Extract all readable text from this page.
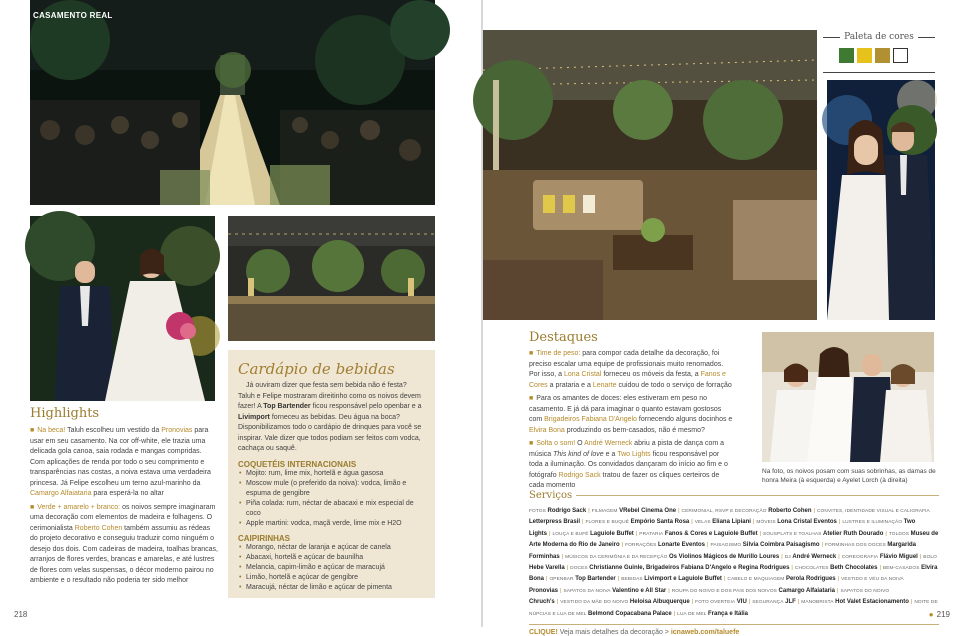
Ç CASAMENTO REAL
Highlights
■ Na beca! Taluh escolheu um vestido da Pronovias para usar em seu casamento. Na cor off-white, ele trazia uma delicada gola canoa, saia rodada e mangas compridas. Com aplicações de renda por todo o seu comprimento e transparências nas costas, a noiva estava uma verdadeira princesa. Já Felipe escolheu um terno azul-marinho da Camargo Alfaiataria para esperá-la no altar
■ Verde + amarelo + branco: os noivos sempre imaginaram uma decoração com elementos de madeira e folhagens. O cerimonialista Roberto Cohen também assumiu as rédeas do projeto decorativo e conseguiu traduzir como ninguém o desejo dos dois. Com cadeiras de madeira, toalhas brancas, arranjos de flores verdes, brancas e amarelas, e até lustres de flores com velas suspensas, o décor moderno pairou no ambiente e o resultado não poderia ter sido melhor
Cardápio de bebidas
Já ouviram dizer que festa sem bebida não é festa? Taluh e Felipe mostraram direitinho como os noivos devem fazer! A Top Bartender ficou responsável pelo openbar e a Livimport forneceu as bebidas. Deu água na boca? Disponibilizamos todo o cardápio de drinques para você se inspirar. Vale dizer que todos podiam ser feitos com vodca, cachaça ou saquê.
COQUETÉIS INTERNACIONAIS
• Mojito: rum, lime mix, hortelã e água gasosa
• Moscow mule (o preferido da noiva): vodca, limão e espuma de gengibre
• Piña colada: rum, néctar de abacaxi e mix especial de coco
• Apple martini: vodca, maçã verde, lime mix e H2O
CAIPIRINHAS
• Morango, néctar de laranja e açúcar de canela
• Abacaxi, hortelã e açúcar de baunilha
• Melancia, capim-limão e açúcar de maracujá
• Limão, hortelã e açúcar de gengibre
• Maracujá, néctar de limão e açúcar de pimenta
218
Paleta de cores
Destaques
■ Time de peso: para compor cada detalhe da decoração, foi preciso escalar uma equipe de profissionais muito renomados. Por isso, a Lona Cristal forneceu os móveis da festa, a Fanos e Cores a prataria e a Lenarte cuidou de todo o serviço de forração
■ Para os amantes de doces: eles estiveram em peso no casamento. E já dá para imaginar o quanto estavam gostosos com Brigadeiros Fabiana D'Angelo fornecendo alguns docinhos e Elvira Bona produzindo os bem-casados, não é mesmo?
■ Solta o som! O André Werneck abriu a pista de dança com a música This kind of love e a Two Lights ficou responsável por toda a iluminação. Os convidados dançaram do início ao fim e o fotógrafo Rodrigo Sack tratou de fazer os cliques certeiros de cada momento
Na foto, os noivos posam com suas sobrinhas, as damas de honra Meira (à esquerda) e Ayelet Lorch (à direita)
Serviços
FOTOS Rodrigo Sack | FILMAGEM VRebel Cinema One | CERIMONIAL, RSVP E DECORAÇÃO Roberto Cohen | CONVITES, IDENTIDADE VISUAL E CALIGRAFIA Letterpress Brasil | FLORES E BUQUÊ Empório Santa Rosa | VELAS Eliana Lipiani | MÓVEIS Lona Cristal Eventos | LUSTRES E ILUMINAÇÃO Two Lights | LOUÇA E BUFÊ Laguiole Buffet | PRATARIA Fanos & Cores e Laguiole Buffet | SOUSPLATS E TOALHAS Atelier Ruth Dourado | TOLDOS Museu de Arte Moderna do Rio de Janeiro | FORRAÇÕES Lonarte Eventos | PAISAGISMO Silvia Coimbra Paisagismo | FORMINHAS DOS DOCES Margarida Forminhas | MÚSICOS DA CERIMÔNIA E DA RECEPÇÃO Os Violinos Mágicos de Murillo Loures | DJ André Werneck | COREOGRAFIA Flávio Miguel | BOLO Hebe Varella | DOCES Christianne Guinle, Brigadeiros Fabiana D'Angelo e Regina Rodrigues | CHOCOLATES Beth Chocolates | BEM-CASADOS Elvira Bona | OPENBAR Top Bartender | BEBIDAS Livimport e Laguiole Buffet | CABELO E MAQUIAGEM Perola Rodrigues | VESTIDO E VÉU DA NOIVA Pronovias | SAPATOS DA NOIVA Valentino e All Star | ROUPA DO NOIVO E DOS PAIS DOS NOIVOS Camargo Alfaiataria | SAPATOS DO NOIVO Chruch's | VESTIDO DA MÃE DO NOIVO Heloisa Albuquerque | FOTO OVERTEIA VIU | SEGURANÇA JLF | MANOBRISTA Hot Valet Estacionamento | NOITE DE NÚPCIAS E LUA DE MEL Belmond Copacabana Palace | LUA DE MEL França e Itália
CLIQUE! Veja mais detalhes da decoração > icnaweb.com/taluefe
● 219
